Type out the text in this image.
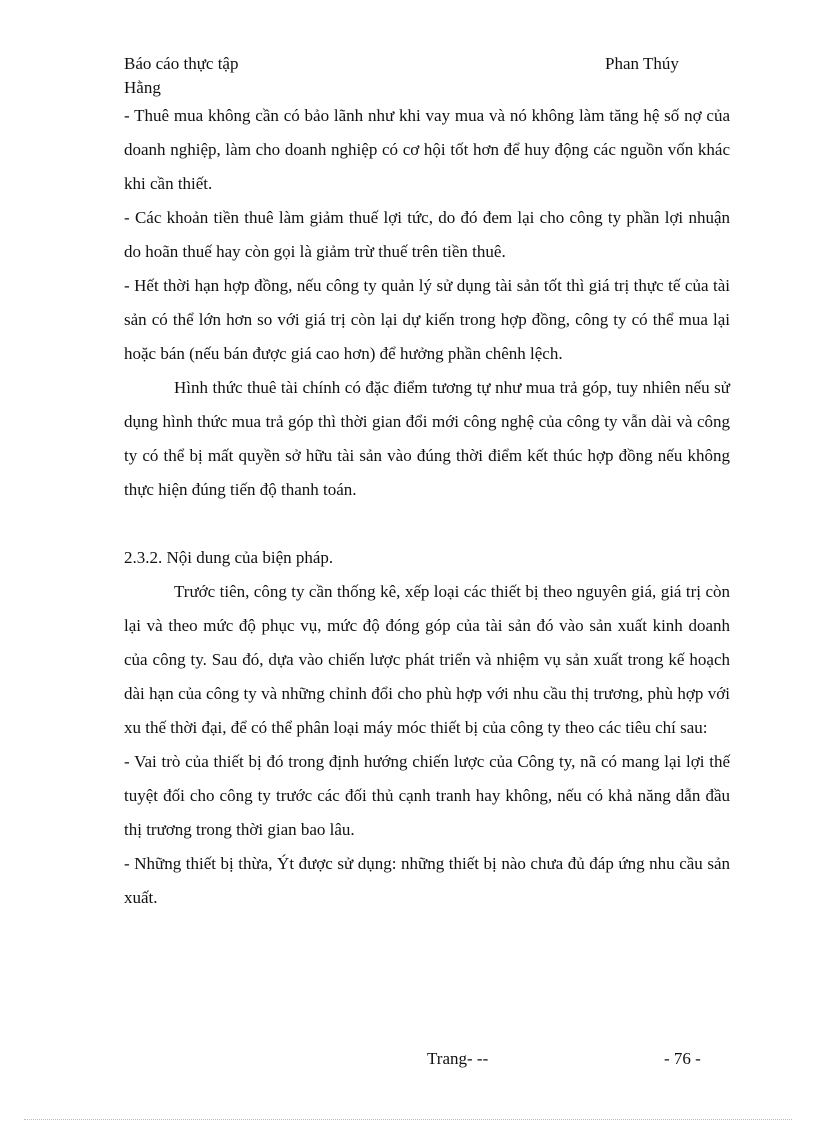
Báo cáo thực tập	Phan Thúy
Hằng

- Thuê mua không cần có bảo lãnh như khi vay mua và nó không làm tăng hệ số nợ của doanh nghiệp, làm cho doanh nghiệp có cơ hội tốt hơn để huy động các nguồn vốn khác khi cần thiết.

- Các khoản tiền thuê làm giảm thuế lợi tức, do đó đem lại cho công ty phần lợi nhuận do hoãn thuế hay còn gọi là giảm trừ thuế trên tiền thuê.

- Hết thời hạn hợp đồng, nếu công ty quản lý sử dụng tài sản tốt thì giá trị thực tế của tài sản có thể lớn hơn so với giá trị còn lại dự kiến trong hợp đồng, công ty có thể mua lại hoặc bán (nếu bán được giá cao hơn) để hưởng phần chênh lệch.

Hình thức thuê tài chính có đặc điểm tương tự như mua trả góp, tuy nhiên nếu sử dụng hình thức mua trả góp thì thời gian đổi mới công nghệ của công ty vẫn dài và công ty có thể bị mất quyền sở hữu tài sản vào đúng thời điểm kết thúc hợp đồng nếu không thực hiện đúng tiến độ thanh toán.

2.3.2. Nội dung của biện pháp.

Trước tiên, công ty cần thống kê, xếp loại các thiết bị theo nguyên giá, giá trị còn lại và theo mức độ phục vụ, mức độ đóng góp của tài sản đó vào sản xuất kinh doanh của công ty. Sau đó, dựa vào chiến lược phát triển và nhiệm vụ sản xuất trong kế hoạch dài hạn của công ty và những chỉnh đổi cho phù hợp với nhu cầu thị trương, phù hợp với xu thế thời đại, để có thể phân loại máy móc thiết bị của công ty theo các tiêu chí sau:

- Vai trò của thiết bị đó trong định hướng chiến lược của Công ty, nã có mang lại lợi thế tuyệt đối cho công ty trước các đối thủ cạnh tranh hay không, nếu có khả năng dẫn đầu thị trương trong thời gian bao lâu.

- Những thiết bị thừa, Ýt được sử dụng: những thiết bị nào chưa đủ đáp ứng nhu cầu sản xuất.

Trang- --	- 76 -
